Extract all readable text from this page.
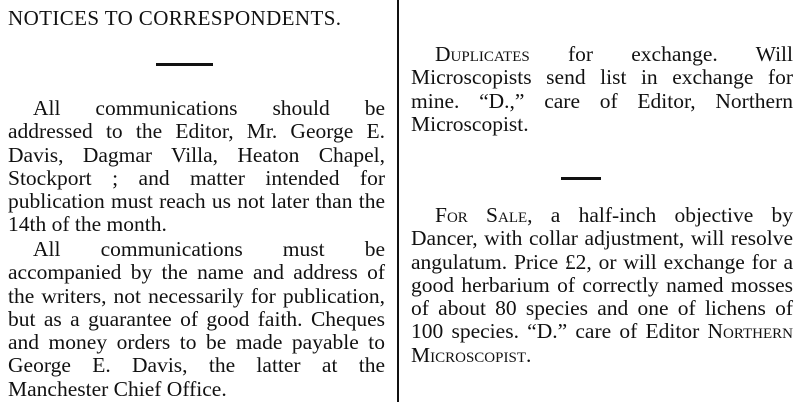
NOTICES TO CORRESPONDENTS.
All communications should be addressed to the Editor, Mr. George E. Davis, Dagmar Villa, Heaton Chapel, Stockport ; and matter intended for publication must reach us not later than the 14th of the month.
All communications must be accompanied by the name and address of the writers, not necessarily for publication, but as a guarantee of good faith. Cheques and money orders to be made payable to George E. Davis, the latter at the Manchester Chief Office.
Duplicates for exchange. Will Microscopists send list in exchange for mine. “D.,” care of Editor, Northern Microscopist.
For Sale, a half-inch objective by Dancer, with collar adjustment, will resolve angulatum. Price £2, or will exchange for a good herbarium of correctly named mosses of about 80 species and one of lichens of 100 species. “D.” care of Editor Northern Microscopist.
